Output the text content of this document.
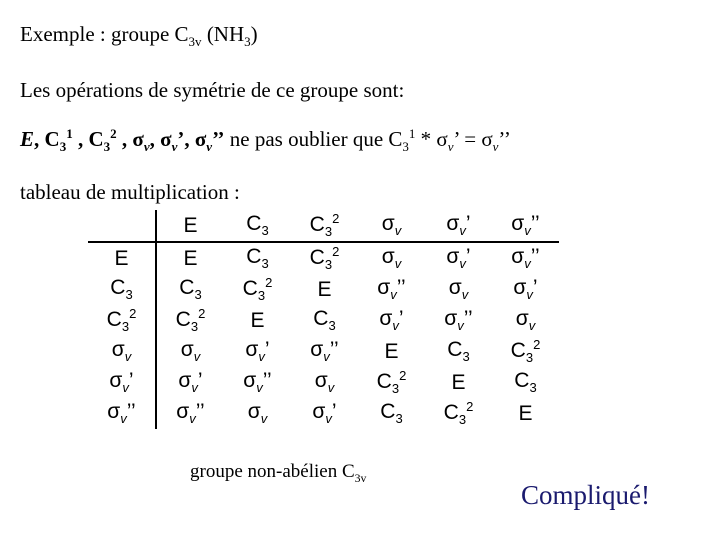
Exemple : groupe $C_{3v}$ $(NH_3)$
Les opérations de symétrie de ce groupe sont:
E, $C_3^1$ , $C_3^2$ , $\sigma_v$, $\sigma_v$’, $\sigma_v$’’ ne pas oublier que $C_3^1 * \sigma_v$’ = $\sigma_v$’’
tableau de multiplication :
	E	$C_3$	$C_3^2$	$\sigma_v$	$\sigma_v$’	$\sigma_v$’’
E	E	$C_3$	$C_3^2$	$\sigma_v$	$\sigma_v$’	$\sigma_v$’’
$C_3$	$C_3$	$C_3^2$	E	$\sigma_v$’’	$\sigma_v$	$\sigma_v$’
$C_3^2$	$C_3^2$	E	$C_3$	$\sigma_v$’	$\sigma_v$’’	$\sigma_v$
$\sigma_v$	$\sigma_v$	$\sigma_v$’	$\sigma_v$’’	E	$C_3$	$C_3^2$
$\sigma_v$’	$\sigma_v$’	$\sigma_v$’’	$\sigma_v$	$C_3^2$	E	$C_3$
$\sigma_v$’’	$\sigma_v$’’	$\sigma_v$	$\sigma_v$’	$C_3$	$C_3^2$	E
groupe non-abélien $C_{3v}$
Compliqué!
